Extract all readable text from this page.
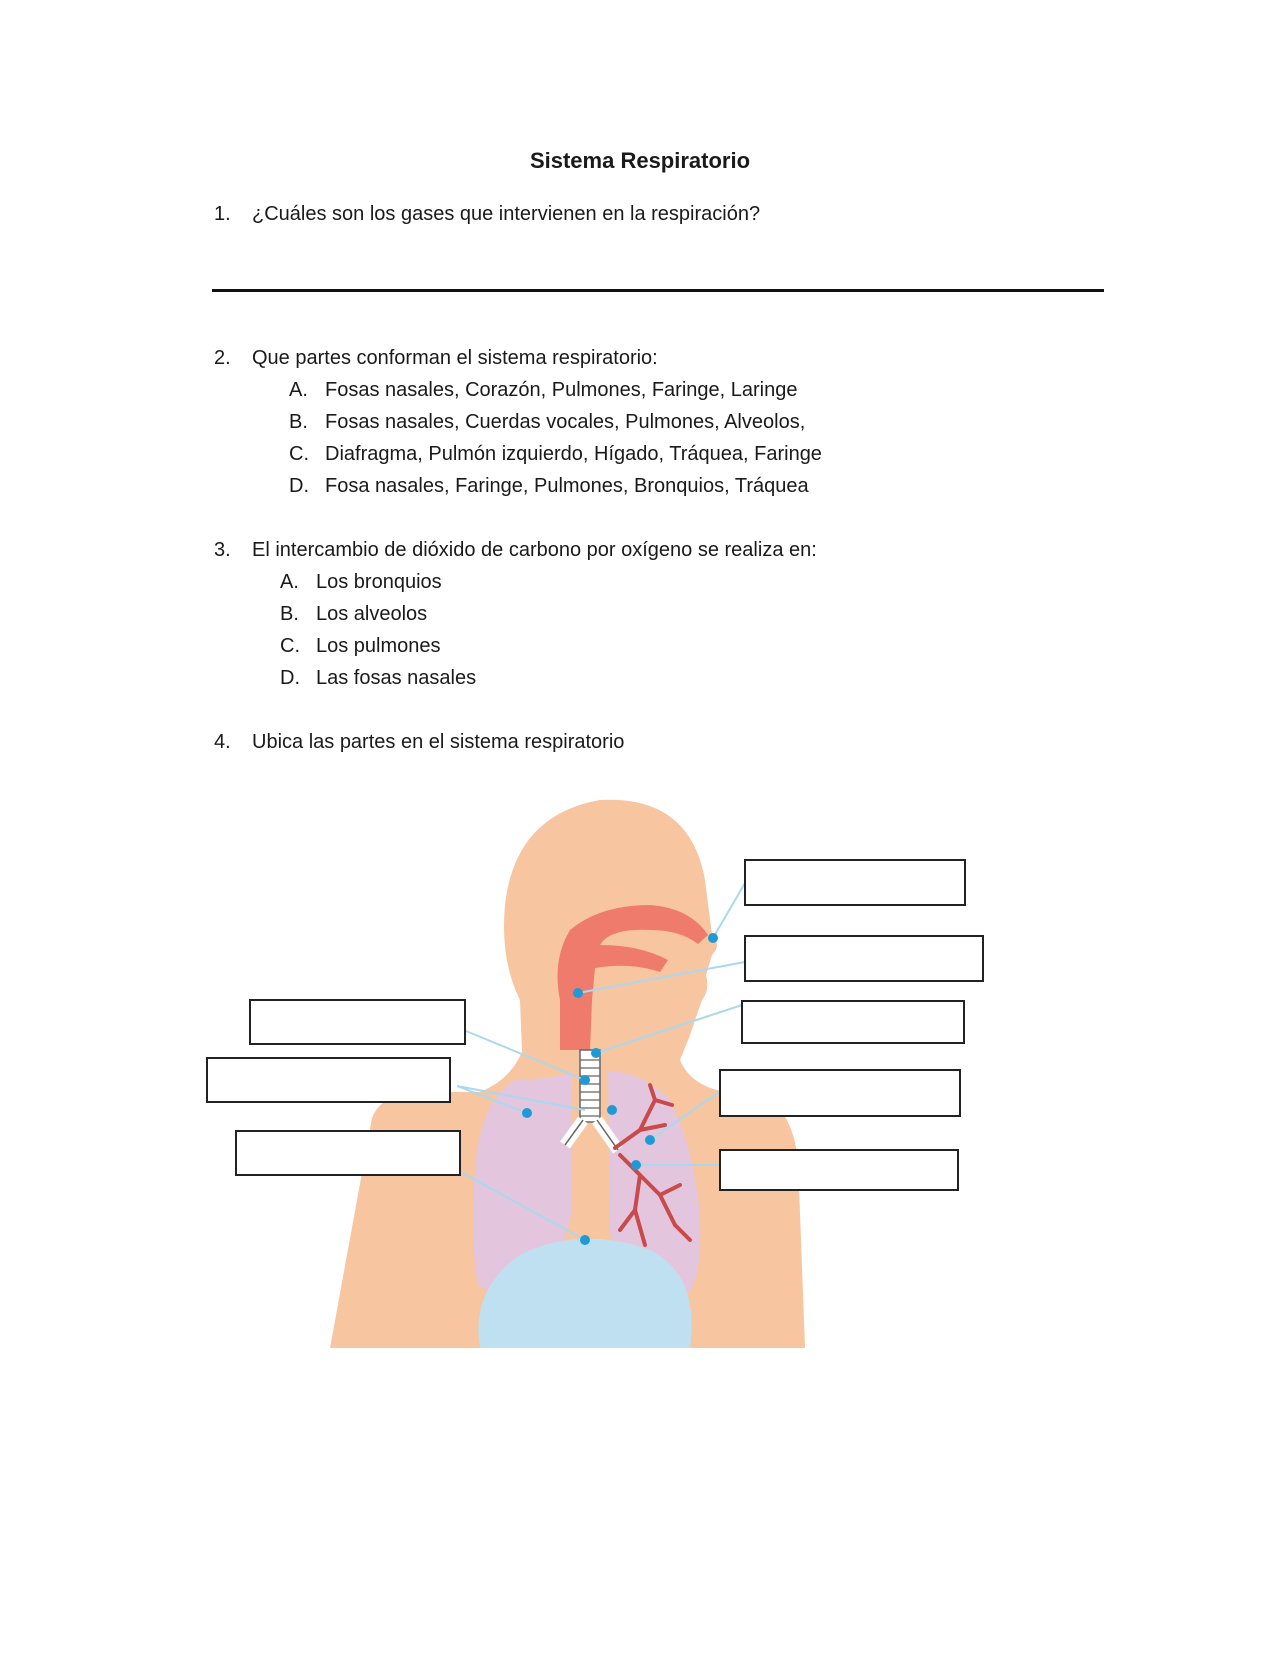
Sistema Respiratorio
1. ¿Cuáles son los gases que intervienen en la respiración?
2. Que partes conforman el sistema respiratorio:
A. Fosas nasales, Corazón, Pulmones, Faringe, Laringe
B. Fosas nasales, Cuerdas vocales, Pulmones, Alveolos,
C. Diafragma, Pulmón izquierdo, Hígado, Tráquea, Faringe
D. Fosa nasales, Faringe, Pulmones, Bronquios, Tráquea
3. El intercambio de dióxido de carbono por oxígeno se realiza en:
A. Los bronquios
B. Los alveolos
C. Los pulmones
D. Las fosas nasales
4. Ubica las partes en el sistema respiratorio
